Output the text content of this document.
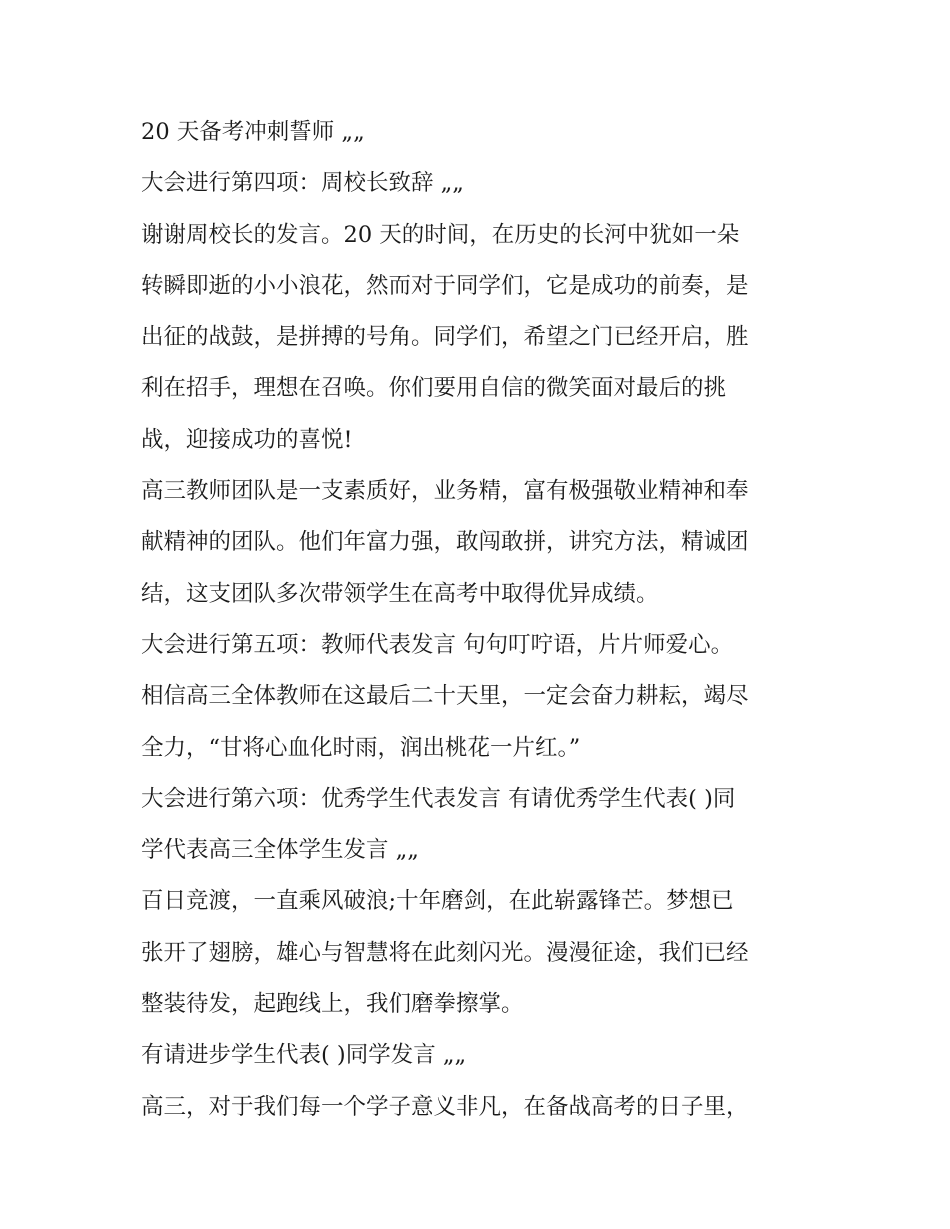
20 天备考冲刺誓师 „„
大会进行第四项：周校长致辞 „„
谢谢周校长的发言。20 天的时间，在历史的长河中犹如一朵
转瞬即逝的小小浪花，然而对于同学们，它是成功的前奏，是
出征的战鼓，是拼搏的号角。同学们，希望之门已经开启，胜
利在招手，理想在召唤。你们要用自信的微笑面对最后的挑
战，迎接成功的喜悦!
高三教师团队是一支素质好，业务精，富有极强敬业精神和奉
献精神的团队。他们年富力强，敢闯敢拼，讲究方法，精诚团
结，这支团队多次带领学生在高考中取得优异成绩。
大会进行第五项：教师代表发言 句句叮咛语，片片师爱心。
相信高三全体教师在这最后二十天里，一定会奋力耕耘，竭尽
全力，“甘将心血化时雨，润出桃花一片红。”
大会进行第六项：优秀学生代表发言 有请优秀学生代表( )同
学代表高三全体学生发言 „„
百日竞渡，一直乘风破浪;十年磨剑，在此崭露锋芒。梦想已
张开了翅膀，雄心与智慧将在此刻闪光。漫漫征途，我们已经
整装待发，起跑线上，我们磨拳擦掌。
有请进步学生代表( )同学发言 „„
高三，对于我们每一个学子意义非凡，在备战高考的日子里，
